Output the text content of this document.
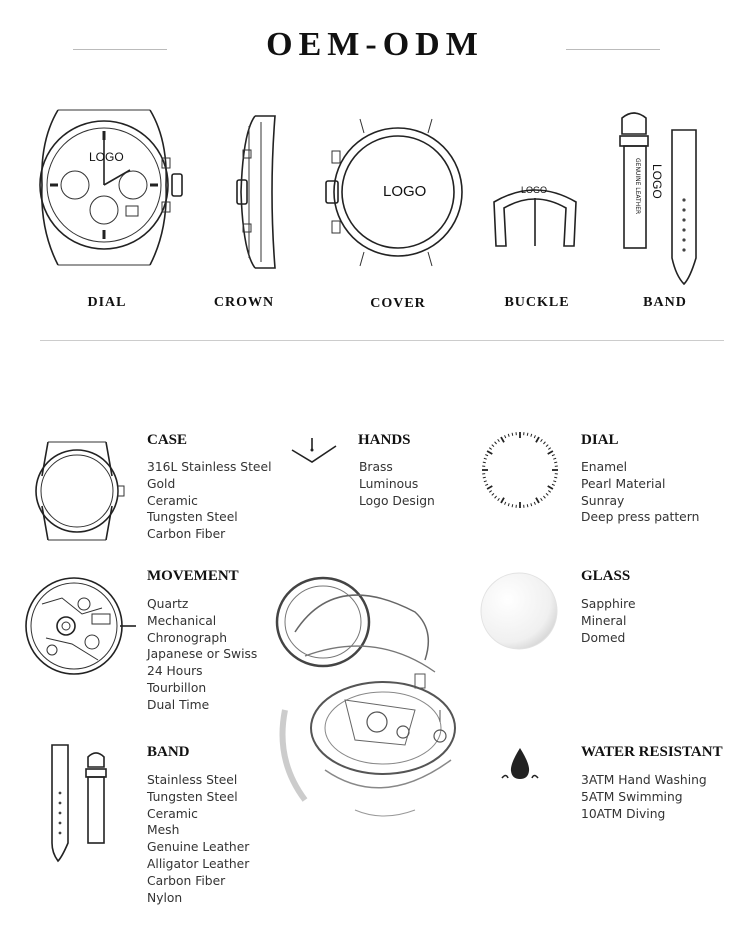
OEM-ODM
LOGO
DIAL	CROWN
LOGO
COVER
LOGO
BUCKLE
LOGO
GENUINE LEATHER
BAND
CASE
316L Stainless Steel
Gold
Ceramic
Tungsten Steel
Carbon Fiber
HANDS
Brass
Luminous
Logo Design
DIAL
Enamel
Pearl Material
Sunray
Deep press pattern
MOVEMENT
Quartz
Mechanical
Chronograph
Japanese or Swiss
24 Hours
Tourbillon
Dual Time
GLASS
Sapphire
Mineral
Domed
BAND
Stainless Steel
Tungsten Steel
Ceramic
Mesh
Genuine Leather
Alligator Leather
Carbon Fiber
Nylon
WATER RESISTANT
3ATM Hand Washing
5ATM Swimming
10ATM Diving
